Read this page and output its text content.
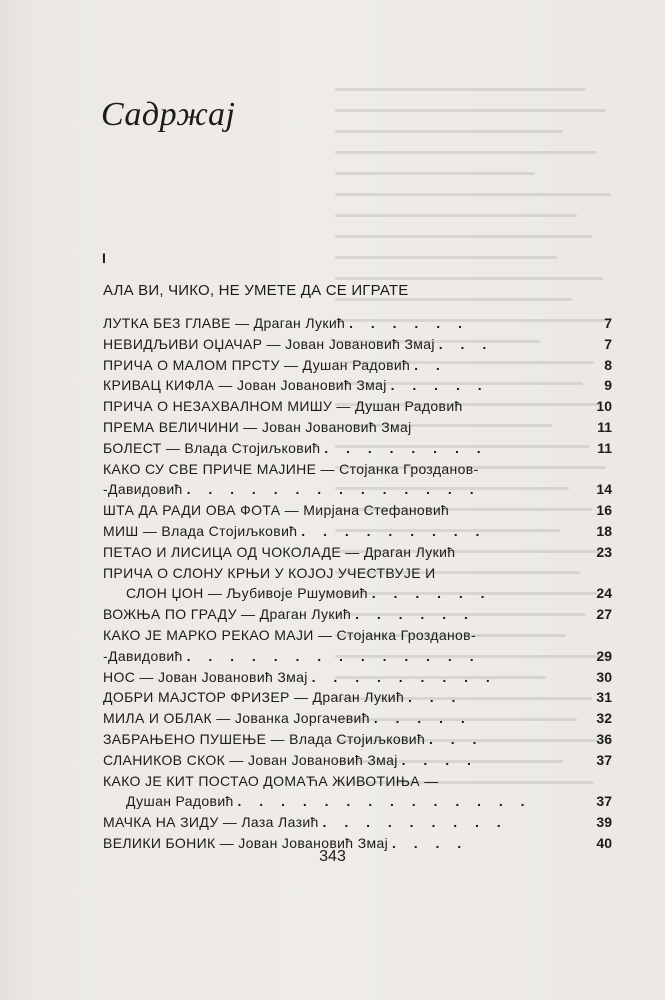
Садржај
I
АЛА ВИ, ЧИКО, НЕ УМЕТЕ ДА СЕ ИГРАТЕ
ЛУТКА БЕЗ ГЛАВЕ — Драган Лукић . . . . . .	7
НЕВИДЉИВИ ОЏАЧАР — Јован Јовановић Змај . . .	7
ПРИЧА О МАЛОМ ПРСТУ — Душан Радовић . .	8
КРИВАЦ КИФЛА — Јован Јовановић Змај . . . . .	9
ПРИЧА О НЕЗАХВАЛНОМ МИШУ — Душан Радовић	10
ПРЕМА ВЕЛИЧИНИ — Јован Јовановић Змај	11
БОЛЕСТ — Влада Стојиљковић . . . . . . . .	11
КАКО СУ СВЕ ПРИЧЕ МАЈИНЕ — Стојанка Грозданов-
-Давидовић . . . . . . . . . . . . . .	14
ШТА ДА РАДИ ОВА ФОТА — Мирјана Стефановић	16
МИШ — Влада Стојиљковић . . . . . . . . .	18
ПЕТАО И ЛИСИЦА ОД ЧОКОЛАДЕ — Драган Лукић	23
ПРИЧА О СЛОНУ КРЊИ У КОЈОЈ УЧЕСТВУЈЕ И
СЛОН ЏОН — Љубивоје Ршумовић . . . . . .	24
ВОЖЊА ПО ГРАДУ — Драган Лукић . . . . . .	27
КАКО ЈЕ МАРКО РЕКАО МАЈИ — Стојанка Грозданов-
-Давидовић . . . . . . . . . . . . . .	29
НОС — Јован Јовановић Змај . . . . . . . . .	30
ДОБРИ МАЈСТОР ФРИЗЕР — Драган Лукић . . .	31
МИЛА И ОБЛАК — Јованка Јоргачевић . . . . .	32
ЗАБРАЊЕНО ПУШЕЊЕ — Влада Стојиљковић . . .	36
СЛАНИКОВ СКОК — Јован Јовановић Змај . . . .	37
КАКО ЈЕ КИТ ПОСТАО ДОМАЋА ЖИВОТИЊА —
Душан Радовић . . . . . . . . . . . . . .	37
МАЧКА НА ЗИДУ — Лаза Лазић . . . . . . . . .	39
ВЕЛИКИ БОНИК — Јован Јовановић Змај . . . .	40
343
